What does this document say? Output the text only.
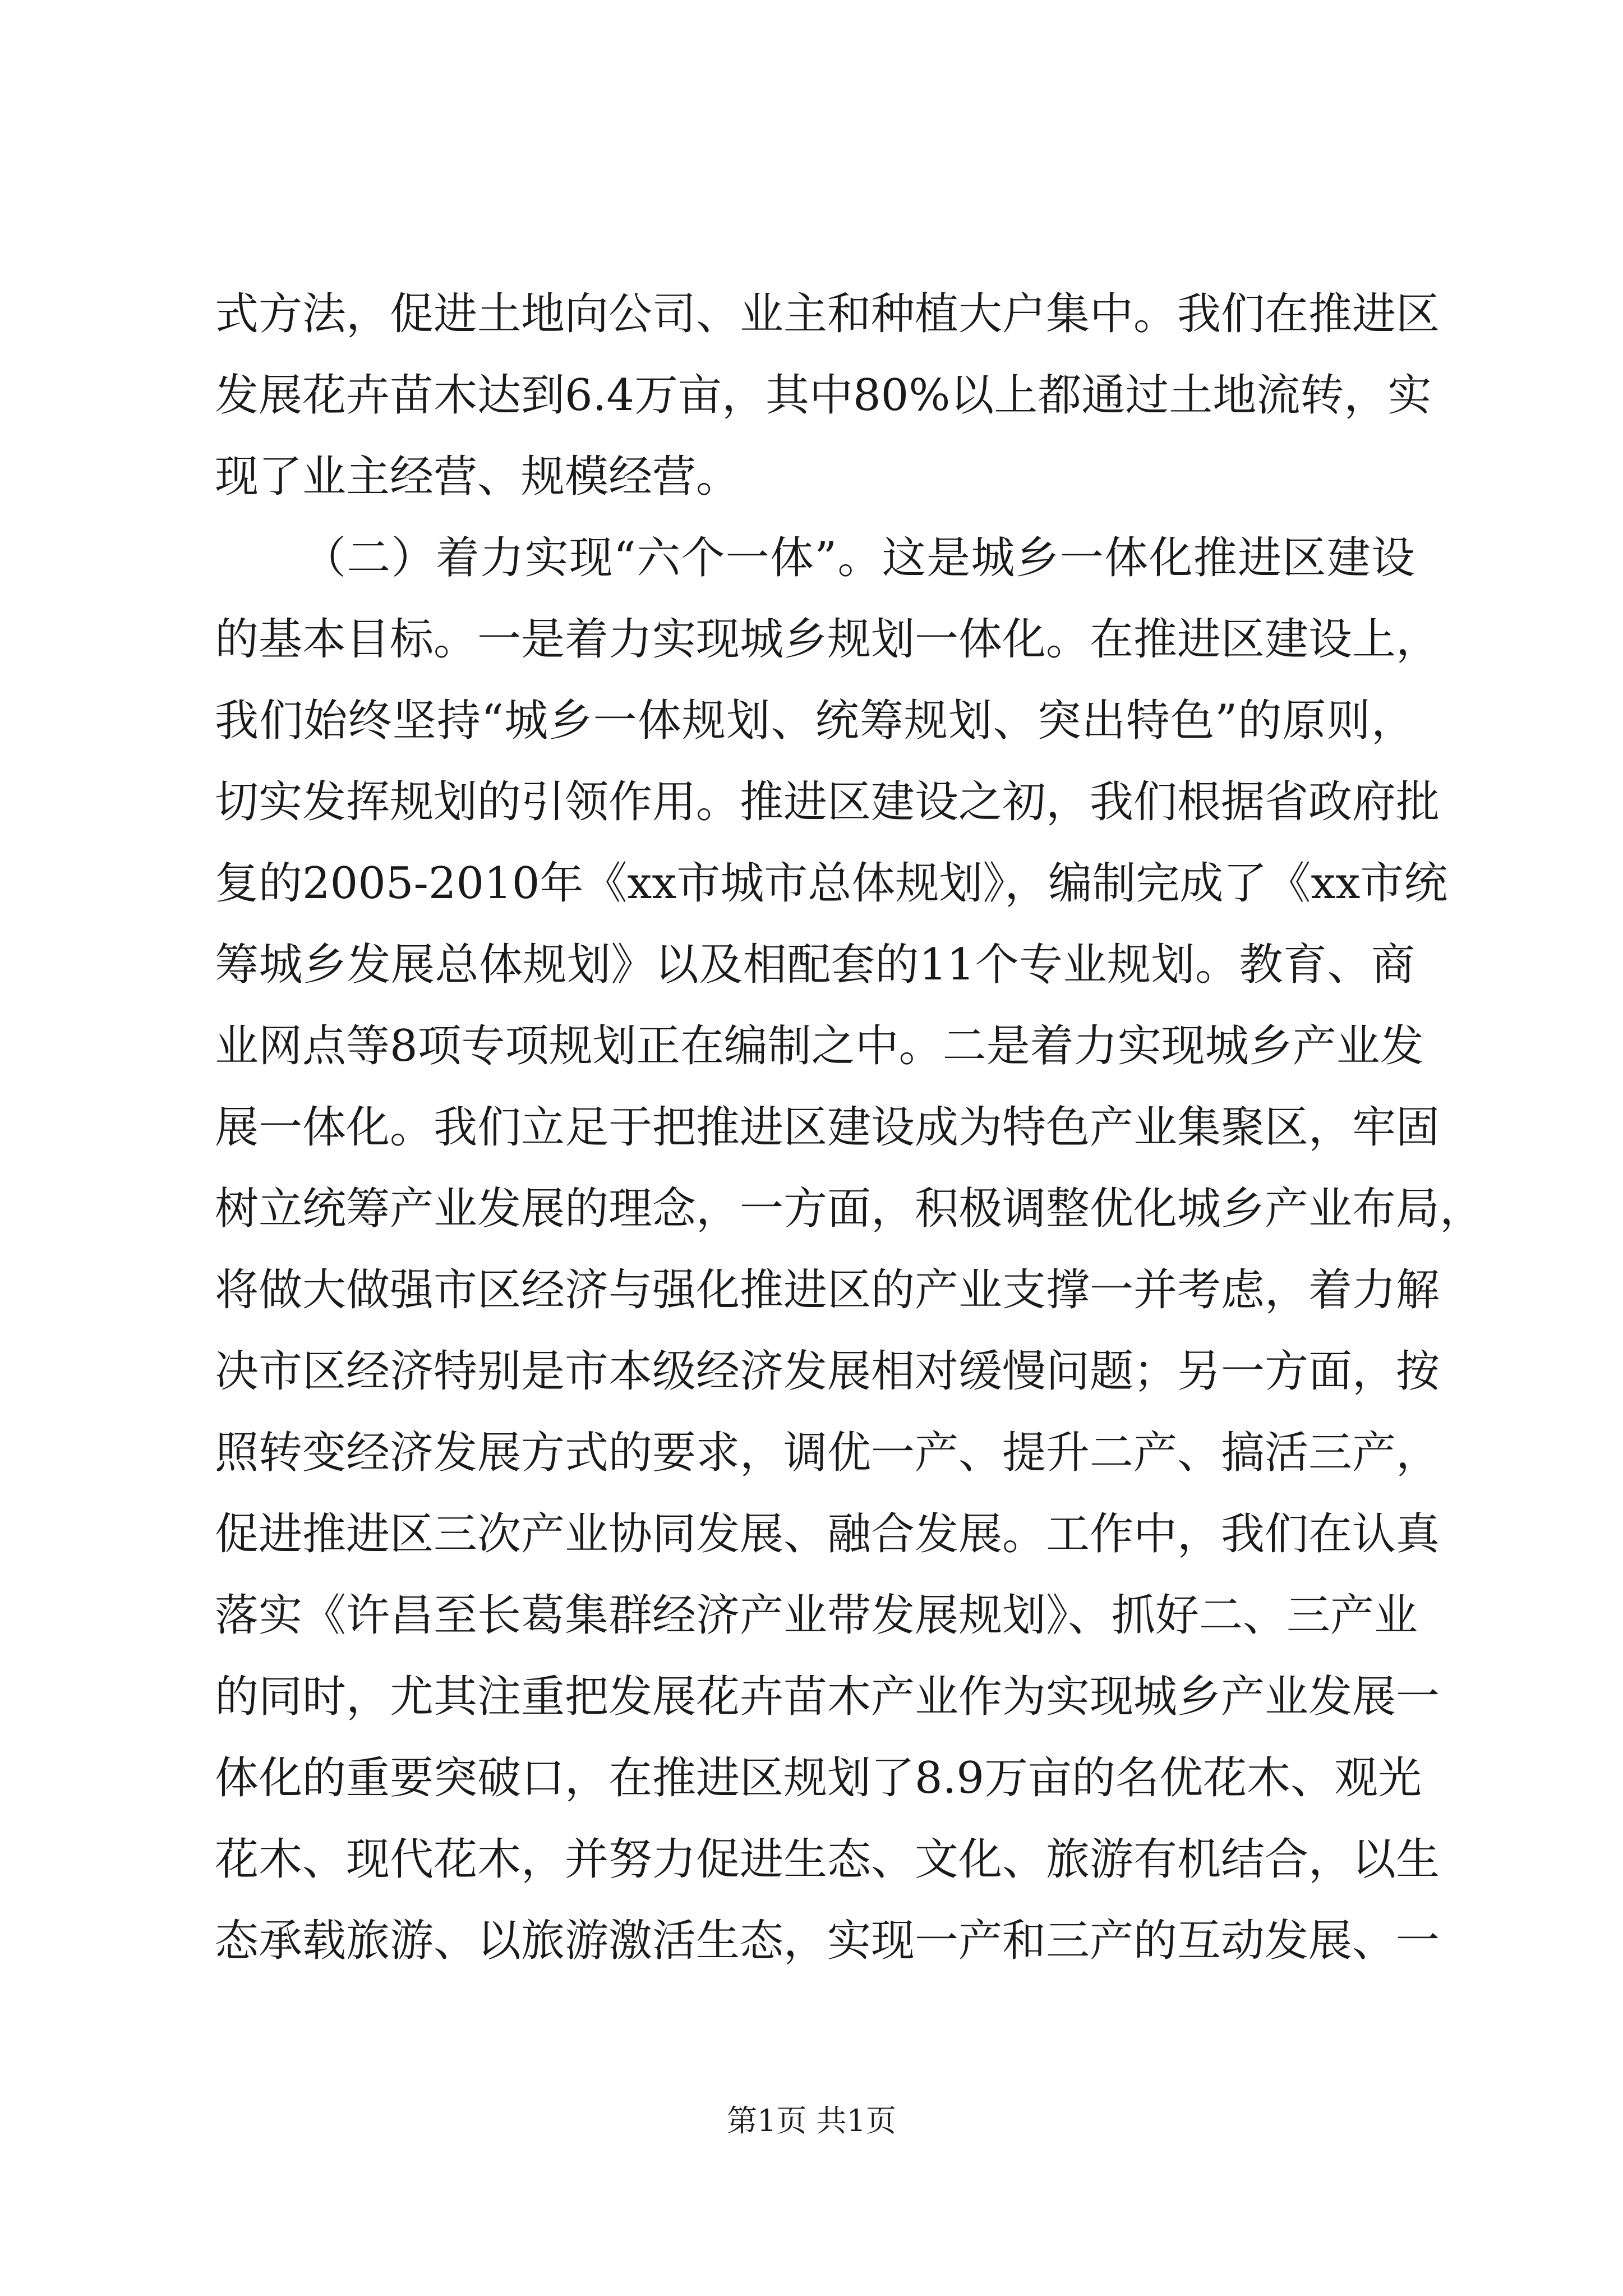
式方法，促进土地向公司、业主和种植大户集中。我们在推进区
发展花卉苗木达到6.4万亩，其中80%以上都通过土地流转，实
现了业主经营、规模经营。
（二）着力实现“六个一体”。这是城乡一体化推进区建设
的基本目标。一是着力实现城乡规划一体化。在推进区建设上，
我们始终坚持“城乡一体规划、统筹规划、突出特色”的原则，
切实发挥规划的引领作用。推进区建设之初，我们根据省政府批
复的2005-2010年《xx市城市总体规划》，编制完成了《xx市统
筹城乡发展总体规划》以及相配套的11个专业规划。教育、商
业网点等8项专项规划正在编制之中。二是着力实现城乡产业发
展一体化。我们立足于把推进区建设成为特色产业集聚区，牢固
树立统筹产业发展的理念，一方面，积极调整优化城乡产业布局，
将做大做强市区经济与强化推进区的产业支撑一并考虑，着力解
决市区经济特别是市本级经济发展相对缓慢问题；另一方面，按
照转变经济发展方式的要求，调优一产、提升二产、搞活三产，
促进推进区三次产业协同发展、融合发展。工作中，我们在认真
落实《许昌至长葛集群经济产业带发展规划》、抓好二、三产业
的同时，尤其注重把发展花卉苗木产业作为实现城乡产业发展一
体化的重要突破口，在推进区规划了8.9万亩的名优花木、观光
花木、现代花木，并努力促进生态、文化、旅游有机结合，以生
态承载旅游、以旅游激活生态，实现一产和三产的互动发展、一
第1页 共1页
